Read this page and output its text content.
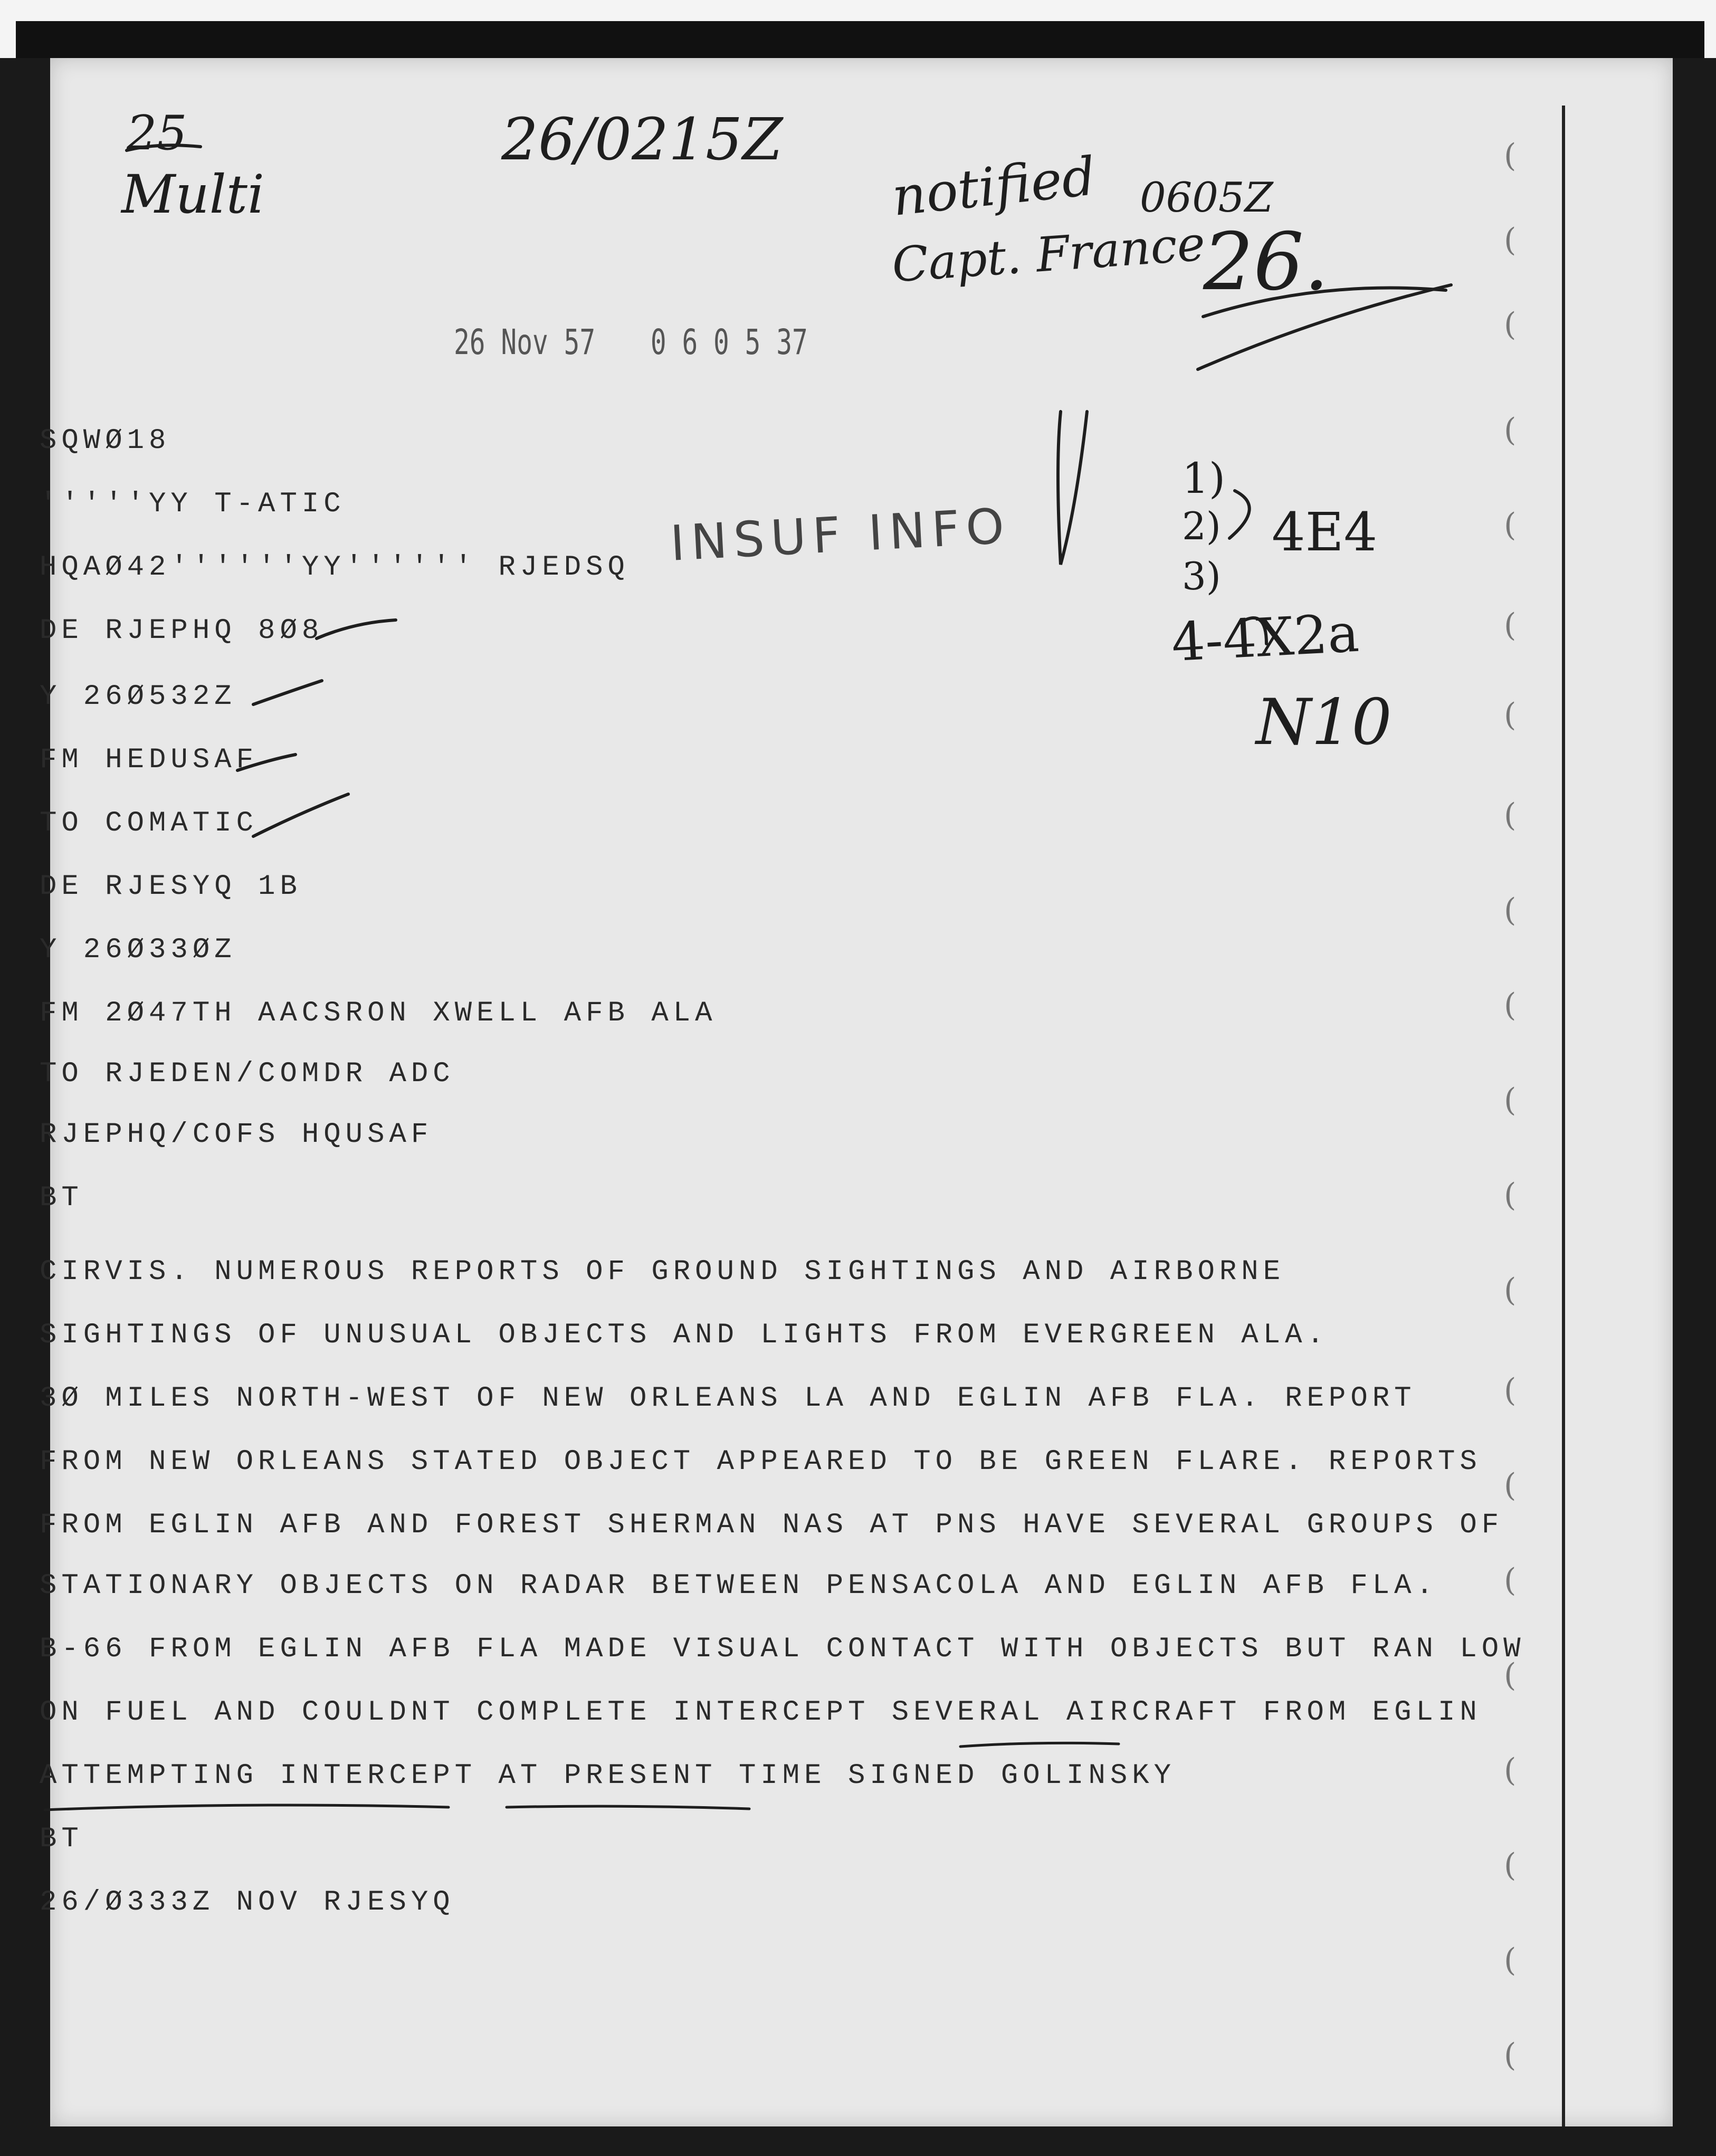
(
(
(
(
(
(
(
(
(
(
(
(
(
(
(
(
(
(
(
(
(
25
Multi
26/0215Z
notified 0605Z
Capt. France
26.
INSUF INFO
1)
2) 4E4
3)
4-4X2a
N10
26 Nov 57 0 6 0 5 37
SQWØ18
'''''YY T-ATIC
HQAØ42''''''YY'''''' RJEDSQ
DE RJEPHQ 8Ø8
Y 26Ø532Z
FM HEDUSAF
TO COMATIC
DE RJESYQ 1B
Y 26Ø33ØZ
FM 2Ø47TH AACSRON XWELL AFB ALA
TO RJEDEN/COMDR ADC
RJEPHQ/COFS HQUSAF
BT
CIRVIS. NUMEROUS REPORTS OF GROUND SIGHTINGS AND AIRBORNE
SIGHTINGS OF UNUSUAL OBJECTS AND LIGHTS FROM EVERGREEN ALA.
3Ø MILES NORTH-WEST OF NEW ORLEANS LA AND EGLIN AFB FLA. REPORT
FROM NEW ORLEANS STATED OBJECT APPEARED TO BE GREEN FLARE. REPORTS
FROM EGLIN AFB AND FOREST SHERMAN NAS AT PNS HAVE SEVERAL GROUPS OF
STATIONARY OBJECTS ON RADAR BETWEEN PENSACOLA AND EGLIN AFB FLA.
B-66 FROM EGLIN AFB FLA MADE VISUAL CONTACT WITH OBJECTS BUT RAN LOW
ON FUEL AND COULDNT COMPLETE INTERCEPT SEVERAL AIRCRAFT FROM EGLIN
ATTEMPTING INTERCEPT AT PRESENT TIME SIGNED GOLINSKY
BT
26/Ø333Z NOV RJESYQ
